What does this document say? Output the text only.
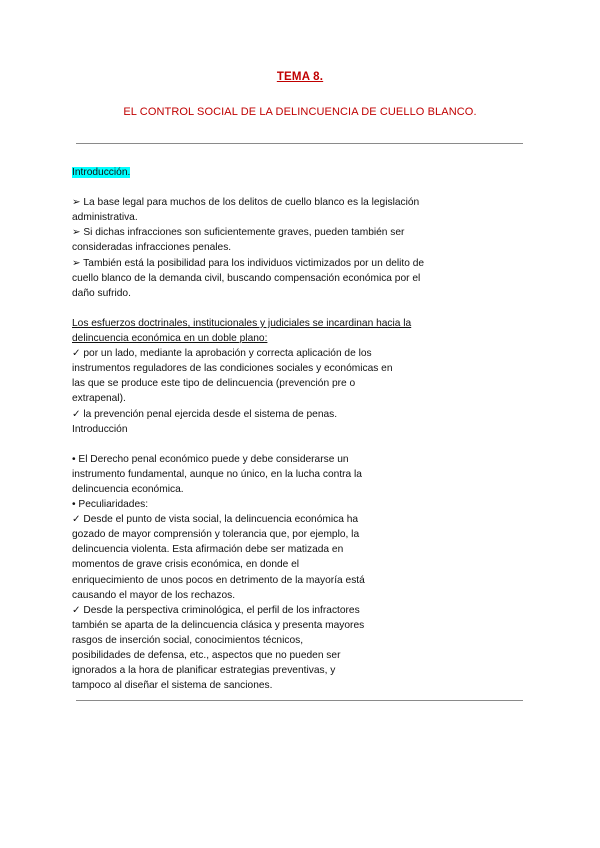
TEMA 8.
EL CONTROL SOCIAL DE LA DELINCUENCIA DE CUELLO BLANCO.
Introducción.
➢ La base legal para muchos de los delitos de cuello blanco es la legislación
administrativa.
➢ Si dichas infracciones son suficientemente graves, pueden también ser
consideradas infracciones penales.
➢ También está la posibilidad para los individuos victimizados por un delito de
cuello blanco de la demanda civil, buscando compensación económica por el
daño sufrido.
Los esfuerzos doctrinales, institucionales y judiciales se incardinan hacia la
delincuencia económica en un doble plano:
✓ por un lado, mediante la aprobación y correcta aplicación de los
instrumentos reguladores de las condiciones sociales y económicas en
las que se produce este tipo de delincuencia (prevención pre o
extrapenal).
✓ la prevención penal ejercida desde el sistema de penas.
Introducción
• El Derecho penal económico puede y debe considerarse un
instrumento fundamental, aunque no único, en la lucha contra la
delincuencia económica.
• Peculiaridades:
✓ Desde el punto de vista social, la delincuencia económica ha
gozado de mayor comprensión y tolerancia que, por ejemplo, la
delincuencia violenta. Esta afirmación debe ser matizada en
momentos de grave crisis económica, en donde el
enriquecimiento de unos pocos en detrimento de la mayoría está
causando el mayor de los rechazos.
✓ Desde la perspectiva criminológica, el perfil de los infractores
también se aparta de la delincuencia clásica y presenta mayores
rasgos de inserción social, conocimientos técnicos,
posibilidades de defensa, etc., aspectos que no pueden ser
ignorados a la hora de planificar estrategias preventivas, y
tampoco al diseñar el sistema de sanciones.
